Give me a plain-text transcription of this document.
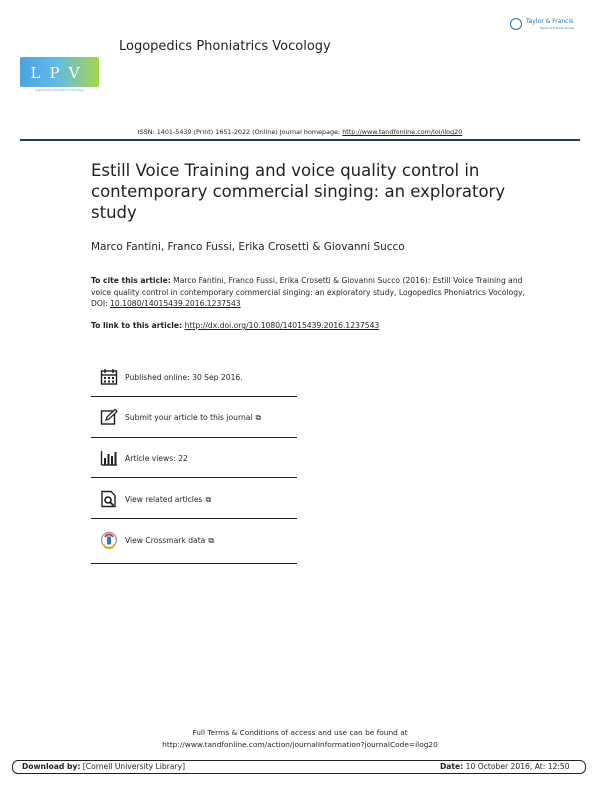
LPV
Logopedics Phoniatrics Vocology
Logopedics Phoniatrics Vocology
Taylor & Francis
Taylor & Francis Group
ISSN: 1401-5439 (Print) 1651-2022 (Online) Journal homepage: http://www.tandfonline.com/loi/ilog20
Estill Voice Training and voice quality control in contemporary commercial singing: an exploratory study
Marco Fantini, Franco Fussi, Erika Crosetti & Giovanni Succo
To cite this article: Marco Fantini, Franco Fussi, Erika Crosetti & Giovanni Succo (2016): Estill Voice Training and voice quality control in contemporary commercial singing: an exploratory study, Logopedics Phoniatrics Vocology, DOI: 10.1080/14015439.2016.1237543
To link to this article: http://dx.doi.org/10.1080/14015439.2016.1237543
Published online: 30 Sep 2016.
Submit your article to this journal ⧉
Article views: 22
View related articles ⧉
View Crossmark data ⧉
Full Terms & Conditions of access and use can be found at
http://www.tandfonline.com/action/journalInformation?journalCode=ilog20
Download by: [Cornell University Library]	Date: 10 October 2016, At: 12:50
